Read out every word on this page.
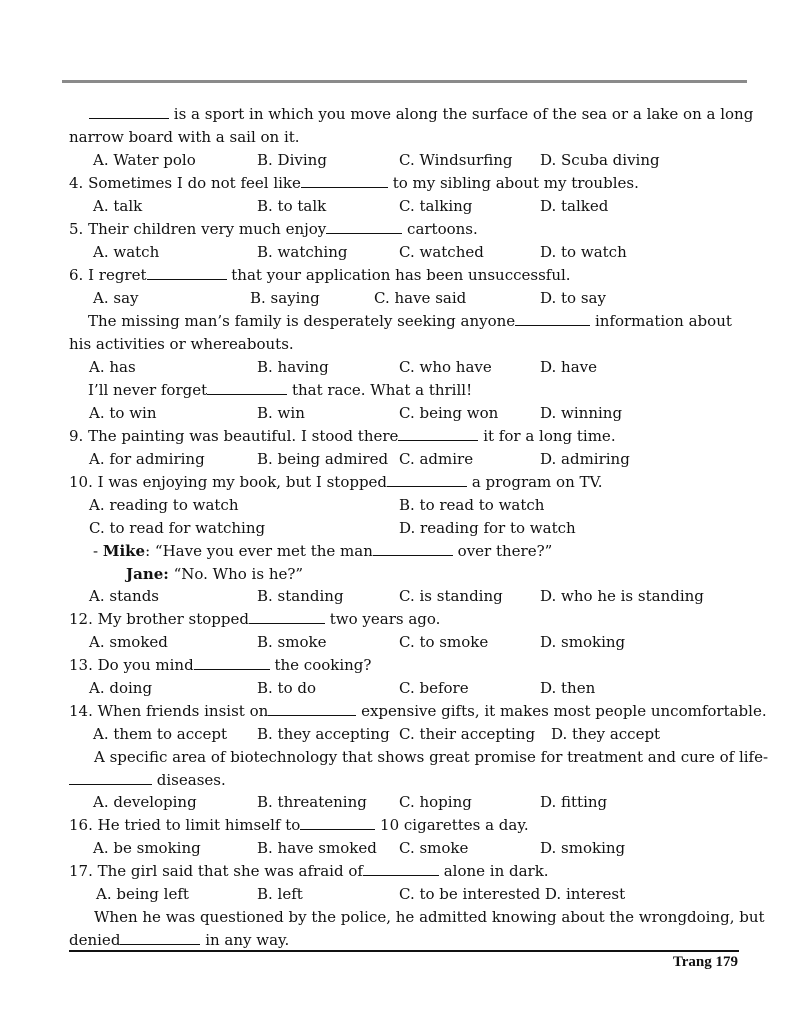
is a sport in which you move along the surface of the sea or a lake on a long
narrow board with a sail on it.
A. Water polo	B. Diving	C. Windsurfing D. Scuba diving
4. Sometimes I do not feel like	to my sibling about my troubles.
A. talk	B. to talk	C. talking	D. talked
5. Their children very much enjoy	cartoons.
A. watch	B. watching	C. watched	D. to watch
6. I regret	that your application has been unsuccessful.
A. say	B. saying	C. have said	D. to say
The missing man’s family is desperately seeking anyone	information about
his activities or whereabouts.
A. has	B. having	C. who have	D. have
I’ll never forget	that race. What a thrill!
A. to win	B. win	C. being won	D. winning
9. The painting was beautiful. I stood there	it for a long time.
A. for admiring	B. being admired C. admire	D. admiring
10. I was enjoying my book, but I stopped	a program on TV.
A. reading to watch	B. to read to watch
C. to read for watching	D. reading for to watch
- Mike: “Have you ever met the man	over there?”
Jane: “No. Who is he?”
A. stands	B. standing	C. is standing D. who he is standing
12. My brother stopped	two years ago.
A. smoked	B. smoke	C. to smoke	D. smoking
13. Do you mind	the cooking?
A. doing	B. to do	C. before	D. then
14. When friends insist on	expensive gifts, it makes most people uncomfortable.
A. them to accept B. they accepting C. their accepting D. they accept
A specific area of biotechnology that shows great promise for treatment and cure of life-
diseases.
A. developing	B. threatening C. hoping	D. fitting
16. He tried to limit himself to	10 cigarettes a day.
A. be smoking	B. have smoked C. smoke	D. smoking
17. The girl said that she was afraid of	alone in dark.
A. being left	B. left	C. to be interested D. interest
When he was questioned by the police, he admitted knowing about the wrongdoing, but
denied	in any way.
Trang 179
